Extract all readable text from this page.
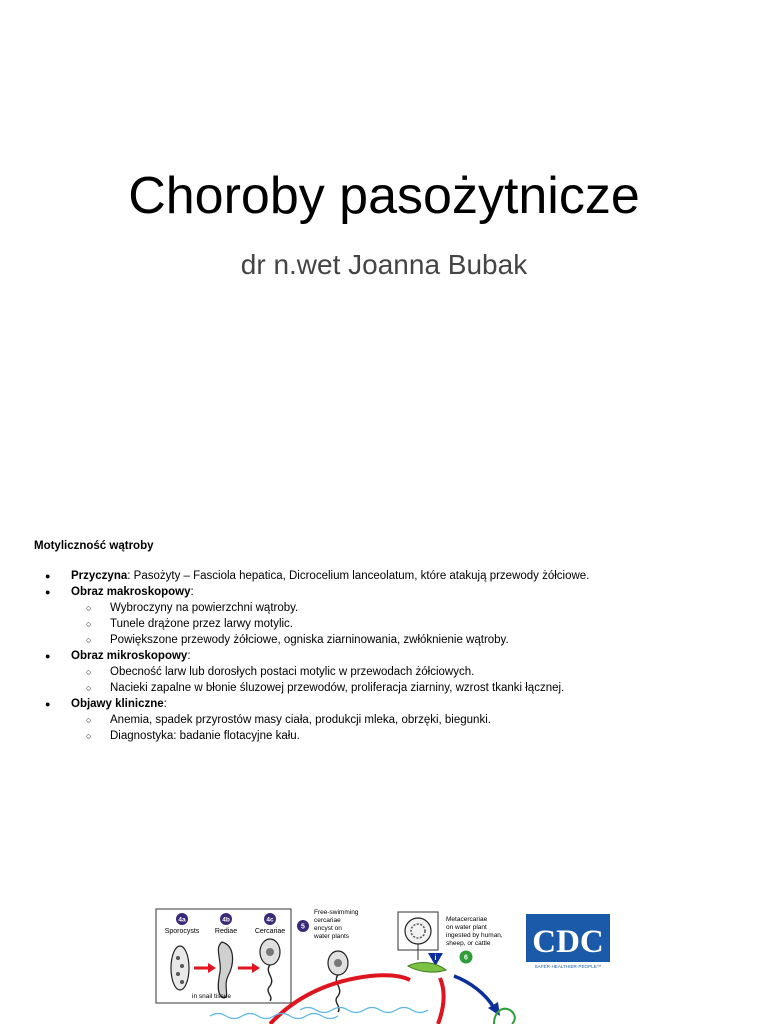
Choroby pasożytnicze
dr n.wet Joanna Bubak
Motyliczność wątroby
● Przyczyna: Pasożyty – Fasciola hepatica, Dicrocelium lanceolatum, które atakują przewody żółciowe.
● Obraz makroskopowy:
○ Wybroczyny na powierzchni wątroby.
○ Tunele drążone przez larwy motylic.
○ Powiększone przewody żółciowe, ogniska ziarninowania, zwłóknienie wątroby.
● Obraz mikroskopowy:
○ Obecność larw lub dorosłych postaci motylic w przewodach żółciowych.
○ Nacieki zapalne w błonie śluzowej przewodów, proliferacja ziarniny, wzrost tkanki łącznej.
● Objawy kliniczne:
○ Anemia, spadek przyrostów masy ciała, produkcji mleka, obrzęki, biegunki.
○ Diagnostyka: badanie flotacyjne kału.
4a	4b	4c
Sporocysts Rediae	Cercariae
in snail tissue
5
Free-swimming cercariae encyst on water plants
Metacercariae on water plant ingested by human, sheep, or cattle
i	6 CDC
SAFER·HEALTHIER·PEOPLE™
